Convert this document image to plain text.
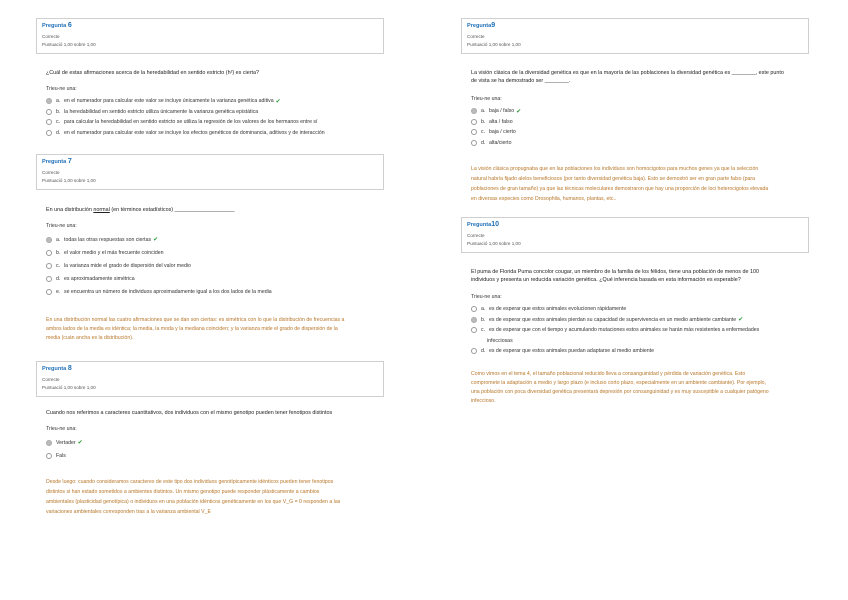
Pregunta 6
Correcte
Puntuació 1,00 sobre 1,00
¿Cuál de estas afirmaciones acerca de la heredabilidad en sentido estricto (h²) es cierta?
Trieu-ne una:
a. en el numerador para calcular este valor se incluye únicamente la varianza genética aditiva ✔
b. la heredabilidad en sentido estricto utiliza únicamente la varianza genética epistática
c. para calcular la heredabilidad en sentido estricto se utiliza la regresión de los valores de los hermanos entre sí
d. en el numerador para calcular este valor se incluye los efectos genéticos de dominancia, aditivos y de interacción
Pregunta 7
Correcte
Puntuació 1,00 sobre 1,00
En una distribución normal (en términos estadísticos) ____________________
Trieu-ne una:
a. todas las otras respuestas son ciertas ✔
b. el valor medio y el más frecuente coinciden
c. la varianza mide el grado de dispersión del valor medio
d. es aproximadamente simétrica
e. se encuentra un número de individuos aproximadamente igual a los dos lados de la media
En una distribución normal las cuatro afirmaciones que se dan son ciertas: es simétrica con lo que la distribución de frecuencias a
ambos lados de la media es idéntica; la media, la moda y la mediana coinciden; y la varianza mide el grado de dispersión de la
media (cuán ancha es la distribución).
Pregunta 8
Correcte
Puntuació 1,00 sobre 1,00
Cuando nos referimos a caracteres cuantitativos, dos individuos con el mismo genotipo pueden tener fenotipos distintos
Trieu-ne una:
Vertader ✔
Fals
Desde luego: cuando consideramos caracteres de este tipo dos individuos genotípicamente idénticos pueden tener fenotipos
distintos si han estado sometidos a ambientes distintos. Un mismo genotipo puede responder plásticamente a cambios
ambientales (plasticidad genotípica) o individuos en una población idénticos genéticamente en los que V_G = 0 responden a las
variaciones ambientales corresponden tras a la varianza ambiental V_E
Pregunta9
Correcte
Puntuació 1,00 sobre 1,00
La visión clásica de la diversidad genética es que en la mayoría de las poblaciones la diversidad genética es ________, este punto
de vista se ha demostrado ser ________.
Trieu-ne una:
a. baja / falso ✔
b. alta / falso
c. baja / cierto
d. alta/cierto
La visión clásica propugnaba que en las poblaciones los individuos son homocigotos para muchos genes ya que la selección
natural habría fijado alelos beneficiosos (por tanto diversidad genética baja). Esto se demostró ser en gran parte falso (para
poblaciones de gran tamaño) ya que las técnicas moleculares demostraron que hay una proporción de loci heterocigotos elevada
en diversas especies como Drosophila, humanos, plantas, etc..
Pregunta10
Correcte
Puntuació 1,00 sobre 1,00
El puma de Florida Puma concolor cougar, un miembro de la familia de los félidos, tiene una población de menos de 100
individuos y presenta un reducida variación genética. ¿Qué inferencia basada en esta información es esperable?
Trieu-ne una:
a. es de esperar que estos animales evolucionen rápidamente
b. es de esperar que estos animales pierdan su capacidad de supervivencia en un medio ambiente cambiante ✔
c. es de esperar que con el tiempo y acumulando mutaciones estos animales se harán más resistentes a enfermedades
infecciosas
d. es de esperar que estos animales puedan adaptarse al medio ambiente
Como vimos en el tema 4, el tamaño poblacional reducido lleva a consanguinidad y pérdida de variación genética. Esto
compromete la adaptación a medio y largo plazo (e incluso corto plazo, especialmente en un ambiente cambiante). Por ejemplo,
una población con poca diversidad genética presentará depresión por consanguinidad y es muy susceptible a cualquier patógeno
infeccioso.
